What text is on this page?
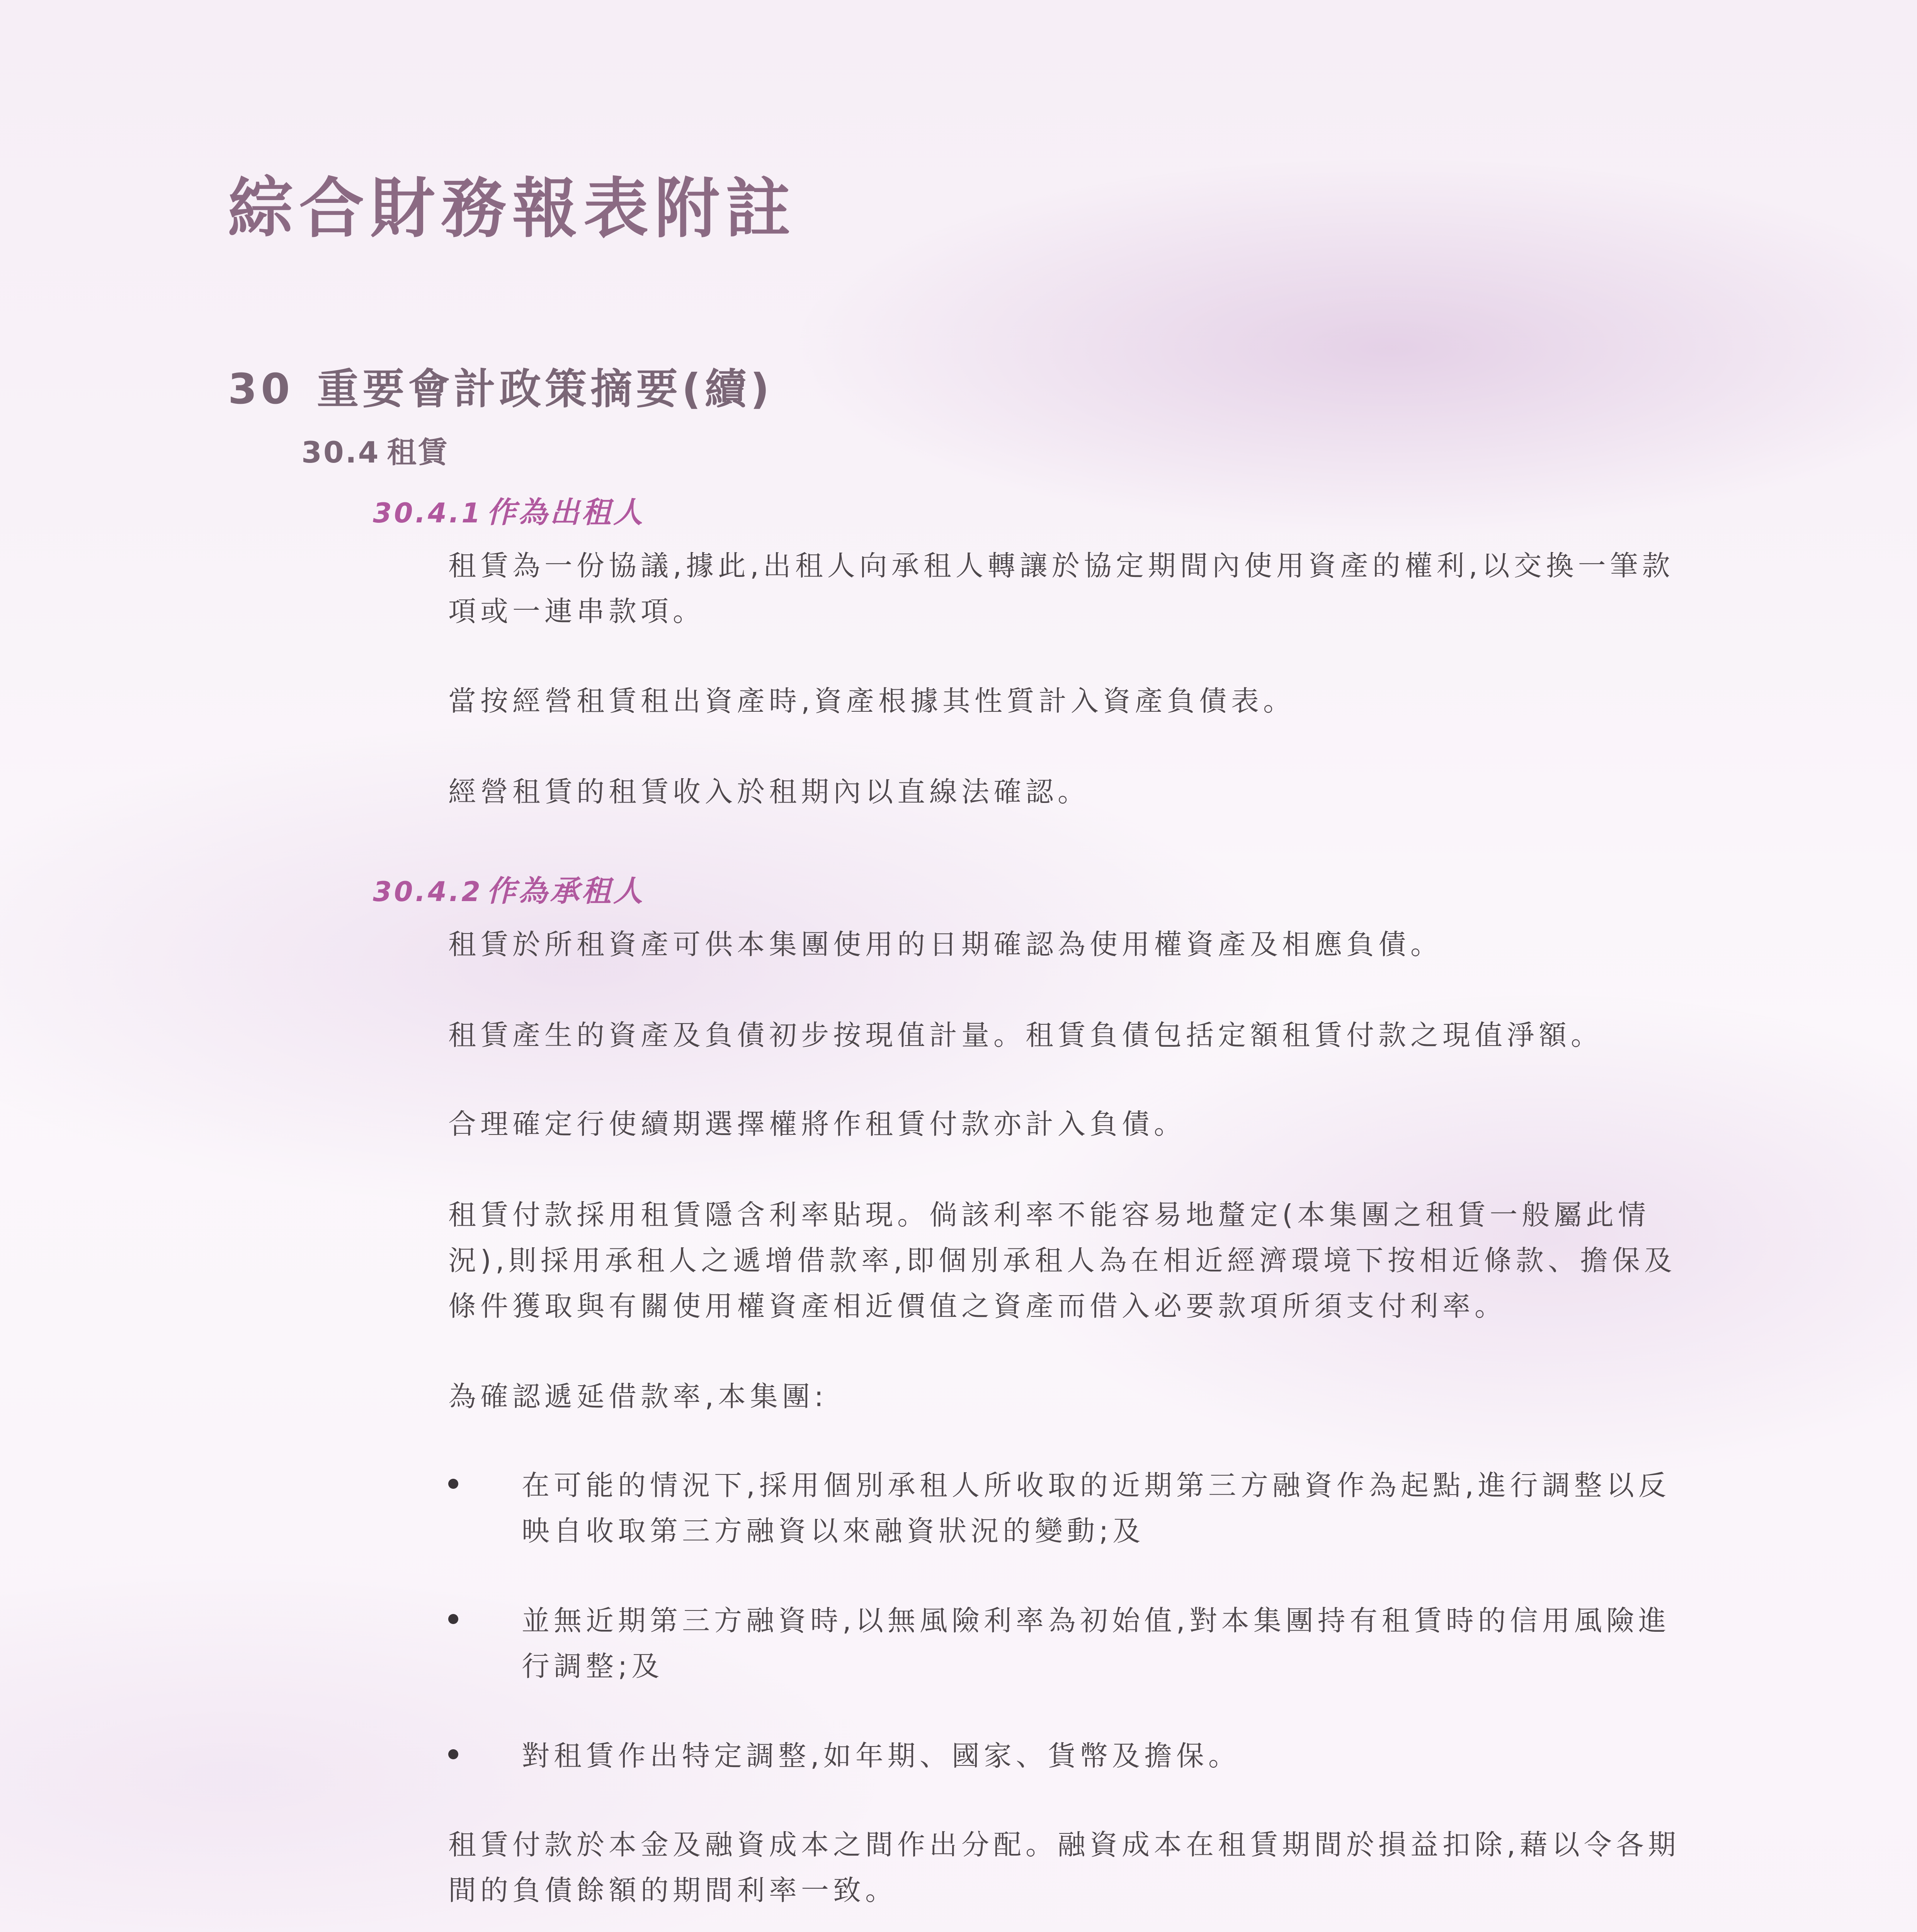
綜合財務報表附註
30 重要會計政策摘要(續)
30.4 租賃
30.4.1 作為出租人

租賃為一份協議,據此,出租人向承租人轉讓於協定期間內使用資產的權利,以交換一筆款項或一連串款項。

當按經營租賃租出資產時,資產根據其性質計入資產負債表。

經營租賃的租賃收入於租期內以直線法確認。

30.4.2 作為承租人

租賃於所租資產可供本集團使用的日期確認為使用權資產及相應負債。

租賃產生的資產及負債初步按現值計量。租賃負債包括定額租賃付款之現值淨額。

合理確定行使續期選擇權將作租賃付款亦計入負債。

租賃付款採用租賃隱含利率貼現。倘該利率不能容易地釐定(本集團之租賃一般屬此情況),則採用承租人之遞增借款率,即個別承租人為在相近經濟環境下按相近條款、擔保及條件獲取與有關使用權資產相近價值之資產而借入必要款項所須支付利率。

為確認遞延借款率,本集團:

在可能的情況下,採用個別承租人所收取的近期第三方融資作為起點,進行調整以反映自收取第三方融資以來融資狀況的變動;及
並無近期第三方融資時,以無風險利率為初始值,對本集團持有租賃時的信用風險進行調整;及
對租賃作出特定調整,如年期、國家、貨幣及擔保。

租賃付款於本金及融資成本之間作出分配。融資成本在租賃期間於損益扣除,藉以令各期間的負債餘額的期間利率一致。
